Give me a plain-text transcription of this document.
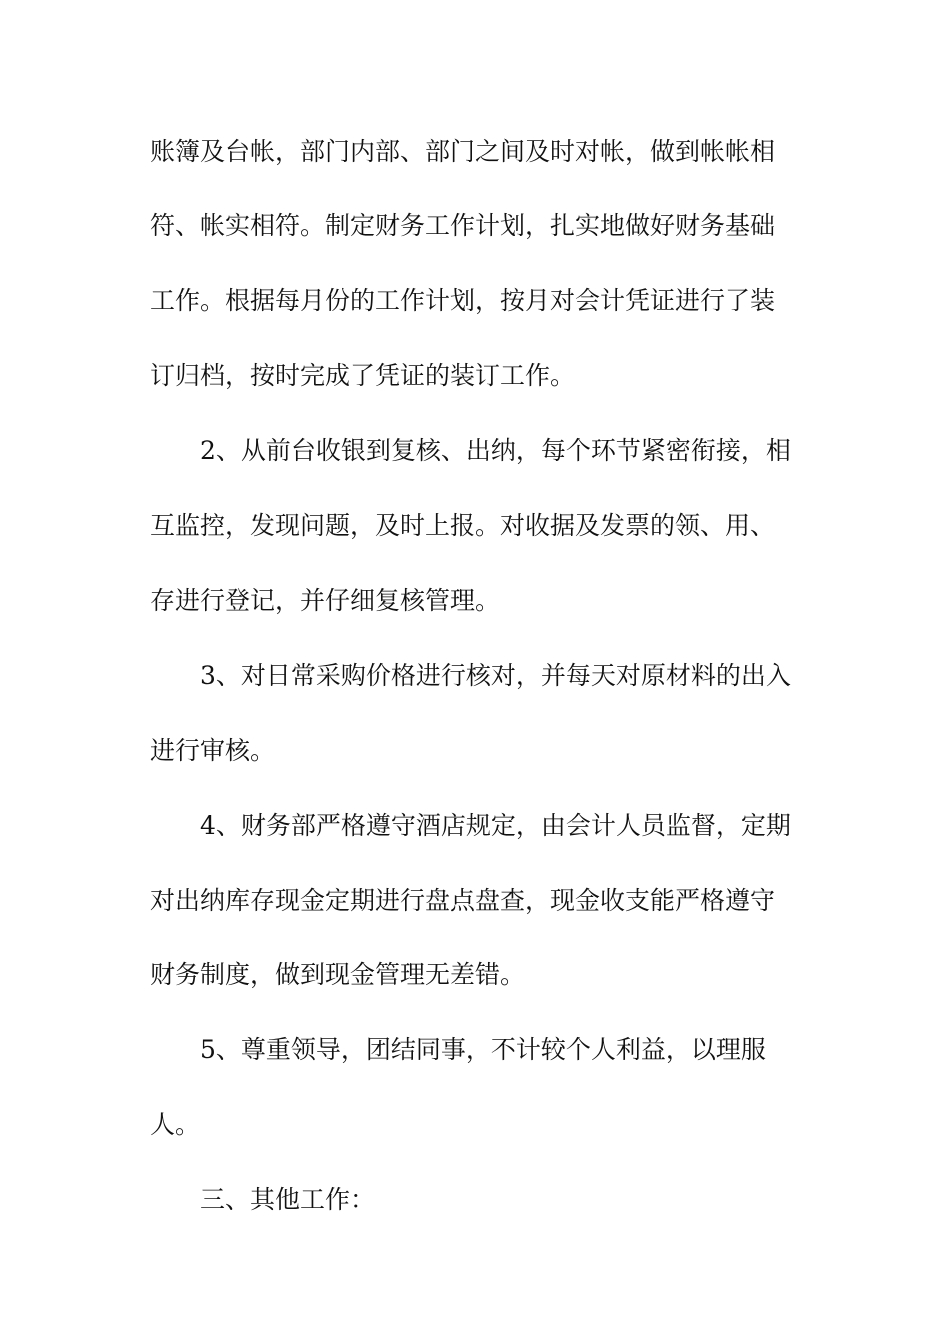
账簿及台帐，部门内部、部门之间及时对帐，做到帐帐相
符、帐实相符。制定财务工作计划，扎实地做好财务基础
工作。根据每月份的工作计划，按月对会计凭证进行了装
订归档，按时完成了凭证的装订工作。
2、从前台收银到复核、出纳，每个环节紧密衔接，相
互监控，发现问题，及时上报。对收据及发票的领、用、
存进行登记，并仔细复核管理。
3、对日常采购价格进行核对，并每天对原材料的出入
进行审核。
4、财务部严格遵守酒店规定，由会计人员监督，定期
对出纳库存现金定期进行盘点盘查，现金收支能严格遵守
财务制度，做到现金管理无差错。
5、尊重领导，团结同事，不计较个人利益，以理服
人。
三、其他工作：
